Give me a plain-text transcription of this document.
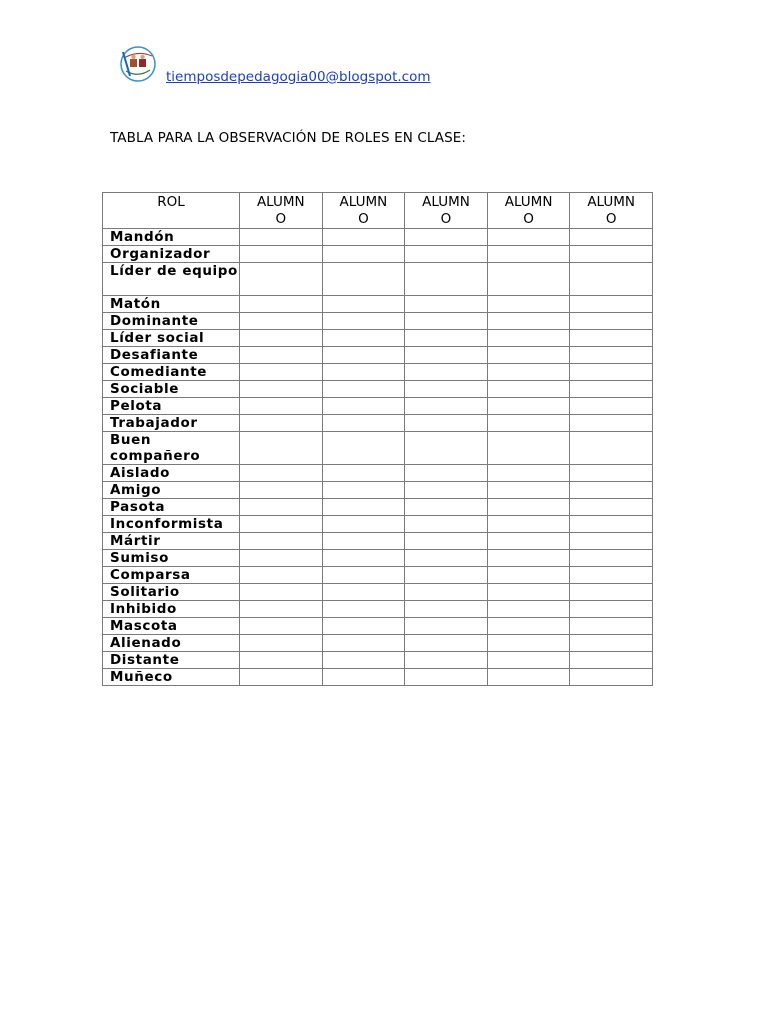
tiemposdepedagogia00@blogspot.com
TABLA PARA LA OBSERVACIÓN DE ROLES EN CLASE:
ROL	ALUMNO	ALUMNO	ALUMNO	ALUMNO	ALUMNO
Mandón					
Organizador					
Líder de equipo					
Matón					
Dominante					
Líder social					
Desafiante					
Comediante					
Sociable					
Pelota					
Trabajador					
Buen compañero					
Aislado					
Amigo					
Pasota					
Inconformista					
Mártir					
Sumiso					
Comparsa					
Solitario					
Inhibido					
Mascota					
Alienado					
Distante					
Muñeco					
